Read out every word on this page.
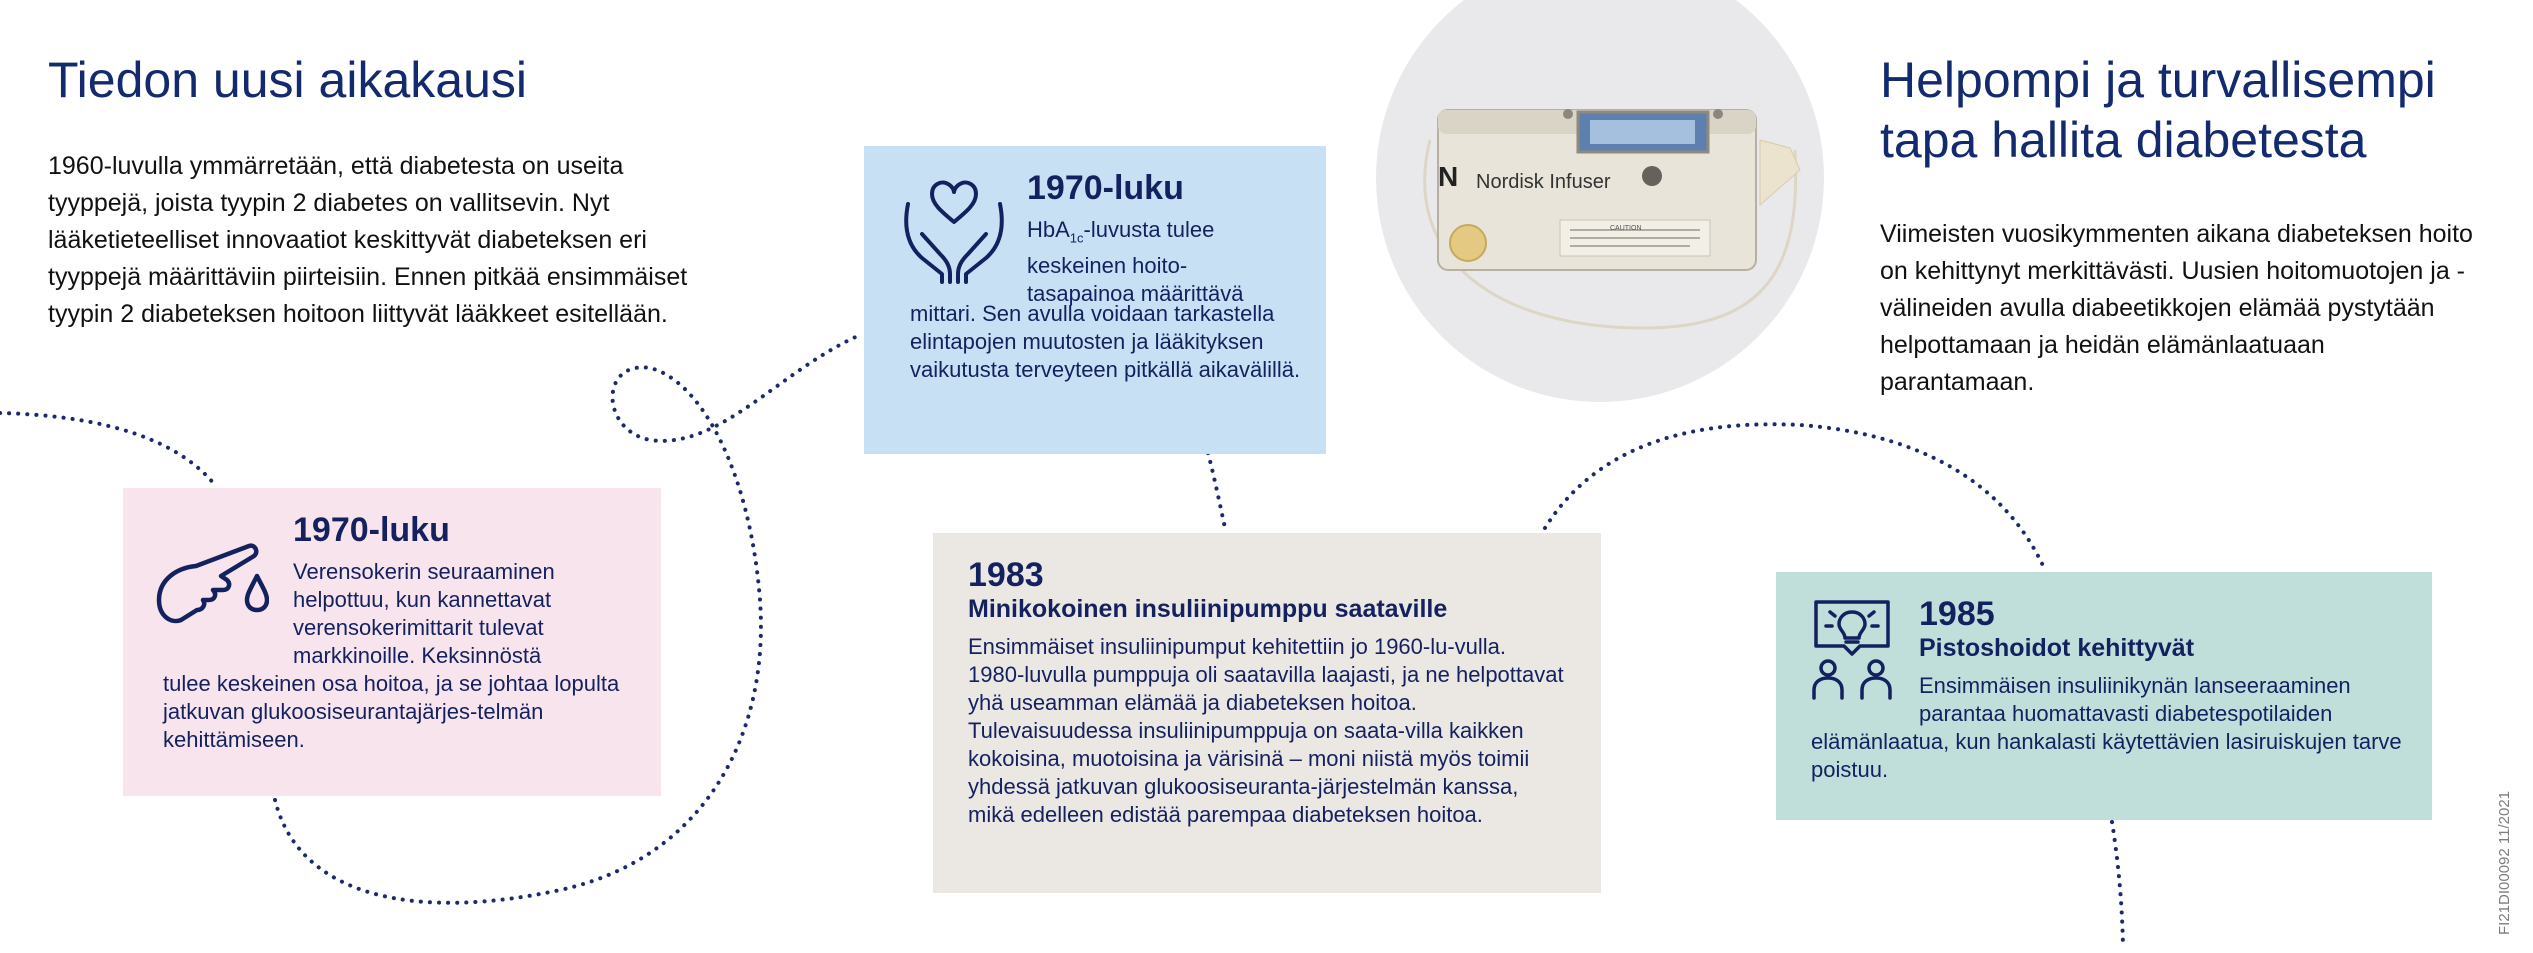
N Nordisk Infuser
CAUTION
Tiedon uusi aikakausi
1960-luvulla ymmärretään, että diabetesta on useita tyyppejä, joista tyypin 2 diabetes on vallitsevin. Nyt lääketieteelliset innovaatiot keskittyvät diabeteksen eri tyyppejä määrittäviin piirteisiin. Ennen pitkää ensimmäiset tyypin 2 diabeteksen hoitoon liittyvät lääkkeet esitellään.
Helpompi ja turvallisempi tapa hallita diabetesta
Viimeisten vuosikymmenten aikana diabeteksen hoito on kehittynyt merkittävästi. Uusien hoitomuotojen ja -välineiden avulla diabeetikkojen elämää pystytään helpottamaan ja heidän elämänlaatuaan parantamaan.
1970-luku
Verensokerin seuraaminen helpottuu, kun kannettavat verensokerimittarit tulevat markkinoille. Keksinnöstä
tulee keskeinen osa hoitoa, ja se johtaa lopulta jatkuvan glukoosiseurantajärjes-telmän kehittämiseen.
1970-luku
HbA$_{1c}$-luvusta tulee keskeinen hoito-tasapainoa määrittävä
mittari. Sen avulla voidaan tarkastella elintapojen muutosten ja lääkityksen vaikutusta terveyteen pitkällä aikavälillä.
1983
Minikokoinen insuliinipumppu saataville
Ensimmäiset insuliinipumput kehitettiin jo 1960-lu-vulla. 1980-luvulla pumppuja oli saatavilla laajasti, ja ne helpottavat yhä useamman elämää ja diabeteksen hoitoa. Tulevaisuudessa insuliinipumppuja on saata-villa kaikken kokoisina, muotoisina ja värisinä – moni niistä myös toimii yhdessä jatkuvan glukoosiseuranta-järjestelmän kanssa, mikä edelleen edistää parempaa diabeteksen hoitoa.
1985
Pistoshoidot kehittyvät
Ensimmäisen insuliinikynän lanseeraaminen parantaa huomattavasti diabetespotilaiden
elämänlaatua, kun hankalasti käytettävien lasiruiskujen tarve poistuu.
FI21DI00092 11/2021
